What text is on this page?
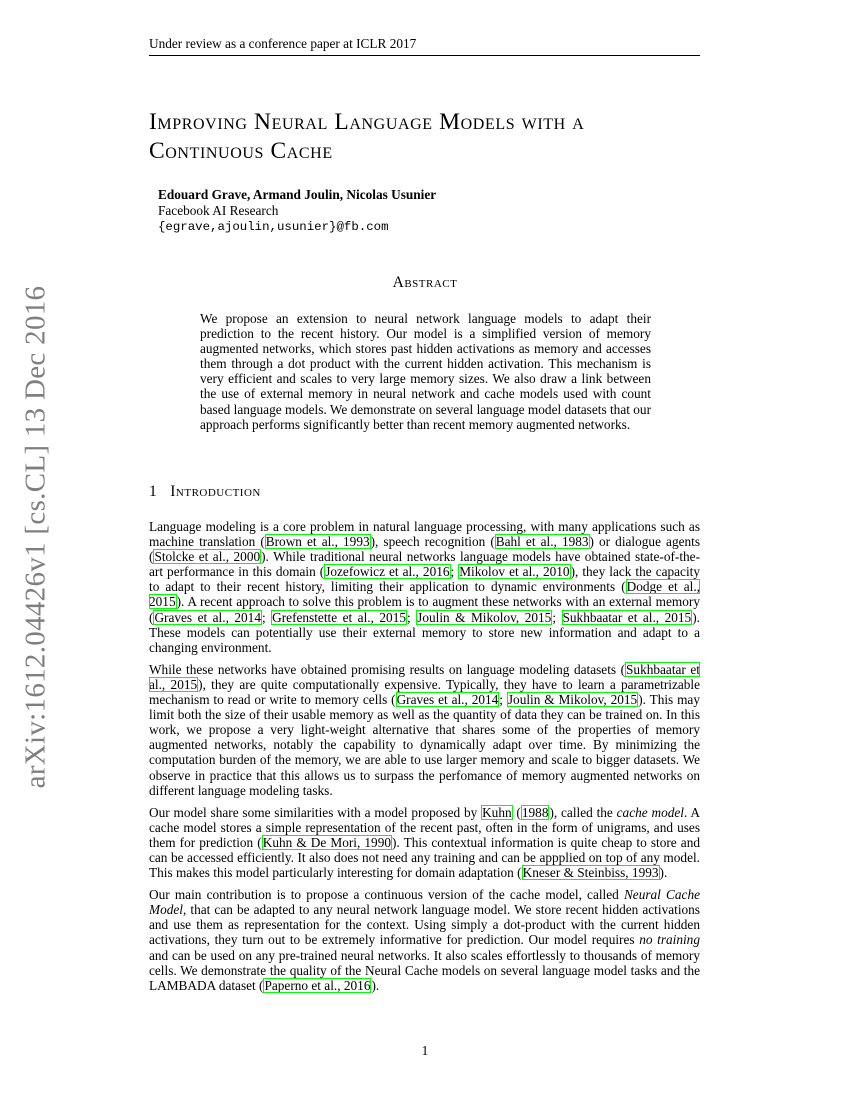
Under review as a conference paper at ICLR 2017
arXiv:1612.04426v1 [cs.CL] 13 Dec 2016
Improving Neural Language Models with a
Continuous Cache
Edouard Grave, Armand Joulin, Nicolas Usunier
Facebook AI Research
{egrave,ajoulin,usunier}@fb.com
Abstract
We propose an extension to neural network language models to adapt their prediction to the recent history. Our model is a simplified version of memory augmented networks, which stores past hidden activations as memory and accesses them through a dot product with the current hidden activation. This mechanism is very efficient and scales to very large memory sizes. We also draw a link between the use of external memory in neural network and cache models used with count based language models. We demonstrate on several language model datasets that our approach performs significantly better than recent memory augmented networks.
1 Introduction

Language modeling is a core problem in natural language processing, with many applications such as machine translation (Brown et al., 1993), speech recognition (Bahl et al., 1983) or dialogue agents (Stolcke et al., 2000). While traditional neural networks language models have obtained state-of-the-art performance in this domain (Jozefowicz et al., 2016; Mikolov et al., 2010), they lack the capacity to adapt to their recent history, limiting their application to dynamic environments (Dodge et al., 2015). A recent approach to solve this problem is to augment these networks with an external memory (Graves et al., 2014; Grefenstette et al., 2015; Joulin & Mikolov, 2015; Sukhbaatar et al., 2015). These models can potentially use their external memory to store new information and adapt to a changing environment.

While these networks have obtained promising results on language modeling datasets (Sukhbaatar et al., 2015), they are quite computationally expensive. Typically, they have to learn a parametrizable mechanism to read or write to memory cells (Graves et al., 2014; Joulin & Mikolov, 2015). This may limit both the size of their usable memory as well as the quantity of data they can be trained on. In this work, we propose a very light-weight alternative that shares some of the properties of memory augmented networks, notably the capability to dynamically adapt over time. By minimizing the computation burden of the memory, we are able to use larger memory and scale to bigger datasets. We observe in practice that this allows us to surpass the perfomance of memory augmented networks on different language modeling tasks.

Our model share some similarities with a model proposed by Kuhn (1988), called the cache model. A cache model stores a simple representation of the recent past, often in the form of unigrams, and uses them for prediction (Kuhn & De Mori, 1990). This contextual information is quite cheap to store and can be accessed efficiently. It also does not need any training and can be appplied on top of any model. This makes this model particularly interesting for domain adaptation (Kneser & Steinbiss, 1993).

Our main contribution is to propose a continuous version of the cache model, called Neural Cache Model, that can be adapted to any neural network language model. We store recent hidden activations and use them as representation for the context. Using simply a dot-product with the current hidden activations, they turn out to be extremely informative for prediction. Our model requires no training and can be used on any pre-trained neural networks. It also scales effortlessly to thousands of memory cells. We demonstrate the quality of the Neural Cache models on several language model tasks and the LAMBADA dataset (Paperno et al., 2016).

1
